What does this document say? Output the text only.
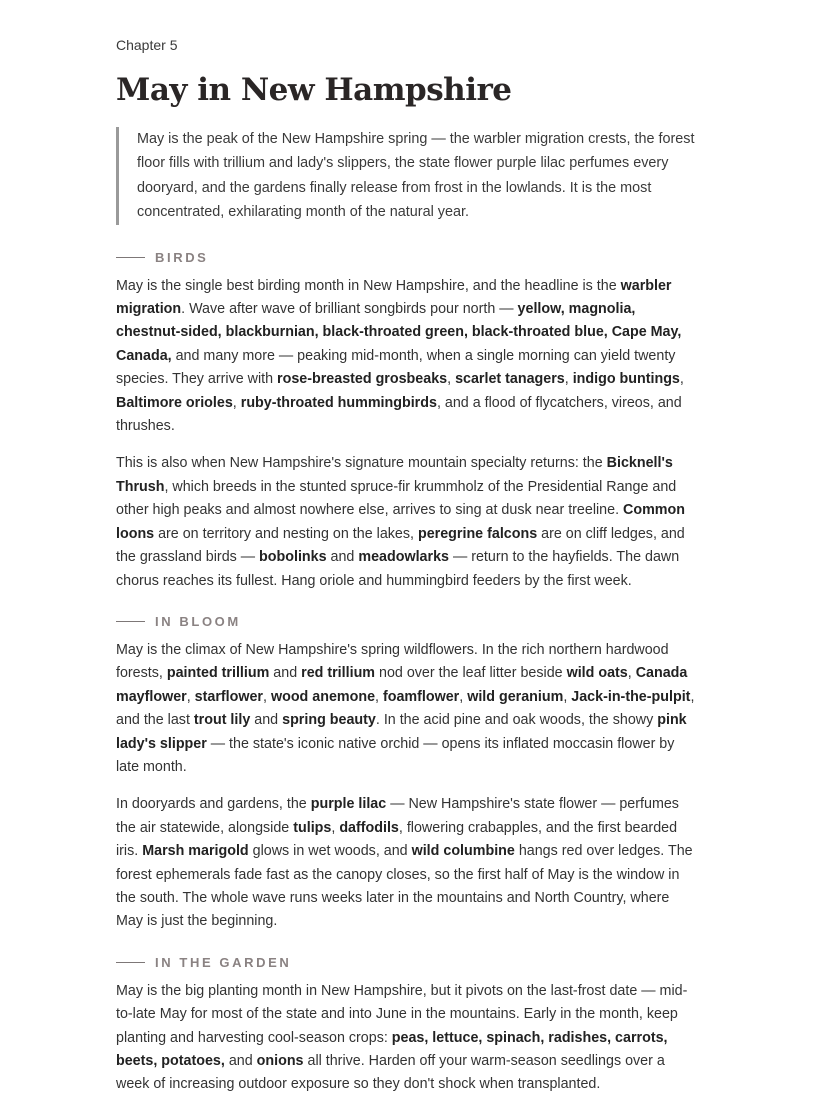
Chapter 5
May in New Hampshire
May is the peak of the New Hampshire spring — the warbler migration crests, the forest floor fills with trillium and lady's slippers, the state flower purple lilac perfumes every dooryard, and the gardens finally release from frost in the lowlands. It is the most concentrated, exhilarating month of the natural year.
BIRDS

May is the single best birding month in New Hampshire, and the headline is the warbler migration. Wave after wave of brilliant songbirds pour north — yellow, magnolia, chestnut-sided, blackburnian, black-throated green, black-throated blue, Cape May, Canada, and many more — peaking mid-month, when a single morning can yield twenty species. They arrive with rose-breasted grosbeaks, scarlet tanagers, indigo buntings, Baltimore orioles, ruby-throated hummingbirds, and a flood of flycatchers, vireos, and thrushes.

This is also when New Hampshire's signature mountain specialty returns: the Bicknell's Thrush, which breeds in the stunted spruce-fir krummholz of the Presidential Range and other high peaks and almost nowhere else, arrives to sing at dusk near treeline. Common loons are on territory and nesting on the lakes, peregrine falcons are on cliff ledges, and the grassland birds — bobolinks and meadowlarks — return to the hayfields. The dawn chorus reaches its fullest. Hang oriole and hummingbird feeders by the first week.

IN BLOOM

May is the climax of New Hampshire's spring wildflowers. In the rich northern hardwood forests, painted trillium and red trillium nod over the leaf litter beside wild oats, Canada mayflower, starflower, wood anemone, foamflower, wild geranium, Jack-in-the-pulpit, and the last trout lily and spring beauty. In the acid pine and oak woods, the showy pink lady's slipper — the state's iconic native orchid — opens its inflated moccasin flower by late month.

In dooryards and gardens, the purple lilac — New Hampshire's state flower — perfumes the air statewide, alongside tulips, daffodils, flowering crabapples, and the first bearded iris. Marsh marigold glows in wet woods, and wild columbine hangs red over ledges. The forest ephemerals fade fast as the canopy closes, so the first half of May is the window in the south. The whole wave runs weeks later in the mountains and North Country, where May is just the beginning.

IN THE GARDEN

May is the big planting month in New Hampshire, but it pivots on the last-frost date — mid-to-late May for most of the state and into June in the mountains. Early in the month, keep planting and harvesting cool-season crops: peas, lettuce, spinach, radishes, carrots, beets, potatoes, and onions all thrive. Harden off your warm-season seedlings over a week of increasing outdoor exposure so they don't shock when transplanted.
